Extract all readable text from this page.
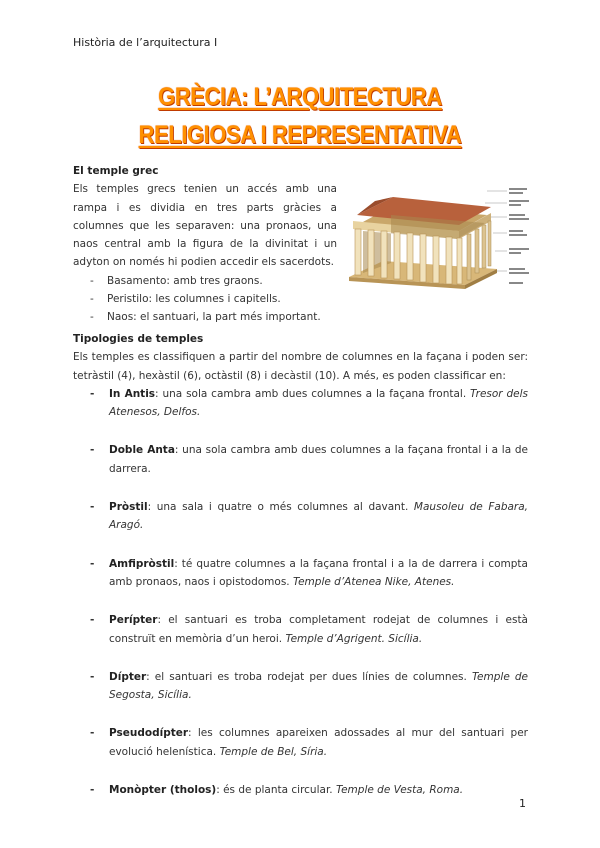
Història de l’arquitectura I
GRÈCIA: L’ARQUITECTURA
RELIGIOSA I REPRESENTATIVA
El temple grec

Els temples grecs tenien un accés amb una rampa i es dividia en tres parts gràcies a columnes que les separaven: una pronaos, una naos central amb la figura de la divinitat i un adyton on només hi podien accedir els sacerdots.

- Basamento: amb tres graons.
- Peristilo: les columnes i capitells.
- Naos: el santuari, la part més important.
Tipologies de temples

Els temples es classifiquen a partir del nombre de columnes en la façana i poden ser: tetràstil (4), hexàstil (6), octàstil (8) i decàstil (10). A més, es poden classificar en:

- In Antis: una sola cambra amb dues columnes a la façana frontal. Tresor dels Atenesos, Delfos.
- Doble Anta: una sola cambra amb dues columnes a la façana frontal i a la de darrera.
- Pròstil: una sala i quatre o més columnes al davant. Mausoleu de Fabara, Aragó.
- Amfipròstil: té quatre columnes a la façana frontal i a la de darrera i compta amb pronaos, naos i opistodomos. Temple d’Atenea Nike, Atenes.
- Perípter: el santuari es troba completament rodejat de columnes i està construït en memòria d’un heroi. Temple d’Agrigent. Sicília.
- Dípter: el santuari es troba rodejat per dues línies de columnes. Temple de Segosta, Sicília.
- Pseudodípter: les columnes apareixen adossades al mur del santuari per evolució helenística. Temple de Bel, Síria.
- Monòpter (tholos): és de planta circular. Temple de Vesta, Roma.
1
